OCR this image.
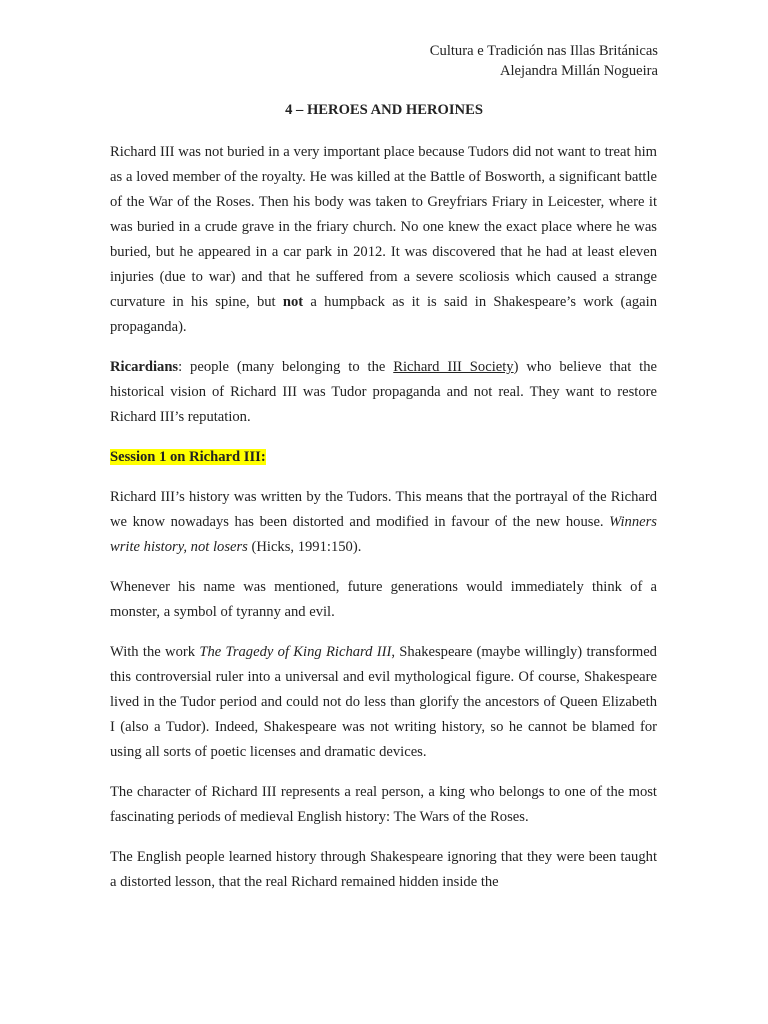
Cultura e Tradición nas Illas Británicas
Alejandra Millán Nogueira
4 – HEROES AND HEROINES

Richard III was not buried in a very important place because Tudors did not want to treat him as a loved member of the royalty. He was killed at the Battle of Bosworth, a significant battle of the War of the Roses. Then his body was taken to Greyfriars Friary in Leicester, where it was buried in a crude grave in the friary church. No one knew the exact place where he was buried, but he appeared in a car park in 2012. It was discovered that he had at least eleven injuries (due to war) and that he suffered from a severe scoliosis which caused a strange curvature in his spine, but not a humpback as it is said in Shakespeare’s work (again propaganda).

Ricardians: people (many belonging to the Richard III Society) who believe that the historical vision of Richard III was Tudor propaganda and not real. They want to restore Richard III’s reputation.

Session 1 on Richard III:

Richard III’s history was written by the Tudors. This means that the portrayal of the Richard we know nowadays has been distorted and modified in favour of the new house. Winners write history, not losers (Hicks, 1991:150).

Whenever his name was mentioned, future generations would immediately think of a monster, a symbol of tyranny and evil.

With the work The Tragedy of King Richard III, Shakespeare (maybe willingly) transformed this controversial ruler into a universal and evil mythological figure. Of course, Shakespeare lived in the Tudor period and could not do less than glorify the ancestors of Queen Elizabeth I (also a Tudor). Indeed, Shakespeare was not writing history, so he cannot be blamed for using all sorts of poetic licenses and dramatic devices.

The character of Richard III represents a real person, a king who belongs to one of the most fascinating periods of medieval English history: The Wars of the Roses.

The English people learned history through Shakespeare ignoring that they were been taught a distorted lesson, that the real Richard remained hidden inside the
